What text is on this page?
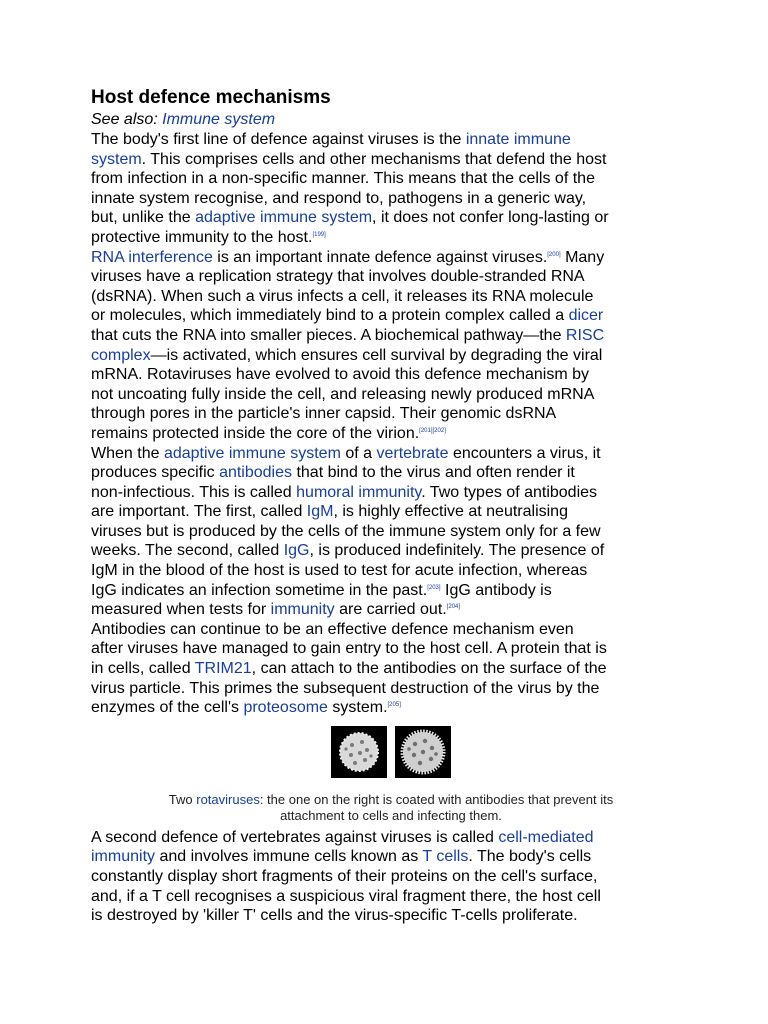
Host defence mechanisms
See also: Immune system

The body's first line of defence against viruses is the innate immune
system. This comprises cells and other mechanisms that defend the host
from infection in a non-specific manner. This means that the cells of the
innate system recognise, and respond to, pathogens in a generic way,
but, unlike the adaptive immune system, it does not confer long-lasting or
protective immunity to the host.[199]

RNA interference is an important innate defence against viruses.[200] Many
viruses have a replication strategy that involves double-stranded RNA
(dsRNA). When such a virus infects a cell, it releases its RNA molecule
or molecules, which immediately bind to a protein complex called a dicer
that cuts the RNA into smaller pieces. A biochemical pathway—the RISC
complex—is activated, which ensures cell survival by degrading the viral
mRNA. Rotaviruses have evolved to avoid this defence mechanism by
not uncoating fully inside the cell, and releasing newly produced mRNA
through pores in the particle's inner capsid. Their genomic dsRNA
remains protected inside the core of the virion.[201][202]

When the adaptive immune system of a vertebrate encounters a virus, it
produces specific antibodies that bind to the virus and often render it
non-infectious. This is called humoral immunity. Two types of antibodies
are important. The first, called IgM, is highly effective at neutralising
viruses but is produced by the cells of the immune system only for a few
weeks. The second, called IgG, is produced indefinitely. The presence of
IgM in the blood of the host is used to test for acute infection, whereas
IgG indicates an infection sometime in the past.[203] IgG antibody is
measured when tests for immunity are carried out.[204]

Antibodies can continue to be an effective defence mechanism even
after viruses have managed to gain entry to the host cell. A protein that is
in cells, called TRIM21, can attach to the antibodies on the surface of the
virus particle. This primes the subsequent destruction of the virus by the
enzymes of the cell's proteosome system.[205]

Two rotaviruses: the one on the right is coated with antibodies that prevent its
attachment to cells and infecting them.

A second defence of vertebrates against viruses is called cell-mediated
immunity and involves immune cells known as T cells. The body's cells
constantly display short fragments of their proteins on the cell's surface,
and, if a T cell recognises a suspicious viral fragment there, the host cell
is destroyed by 'killer T' cells and the virus-specific T-cells proliferate.
